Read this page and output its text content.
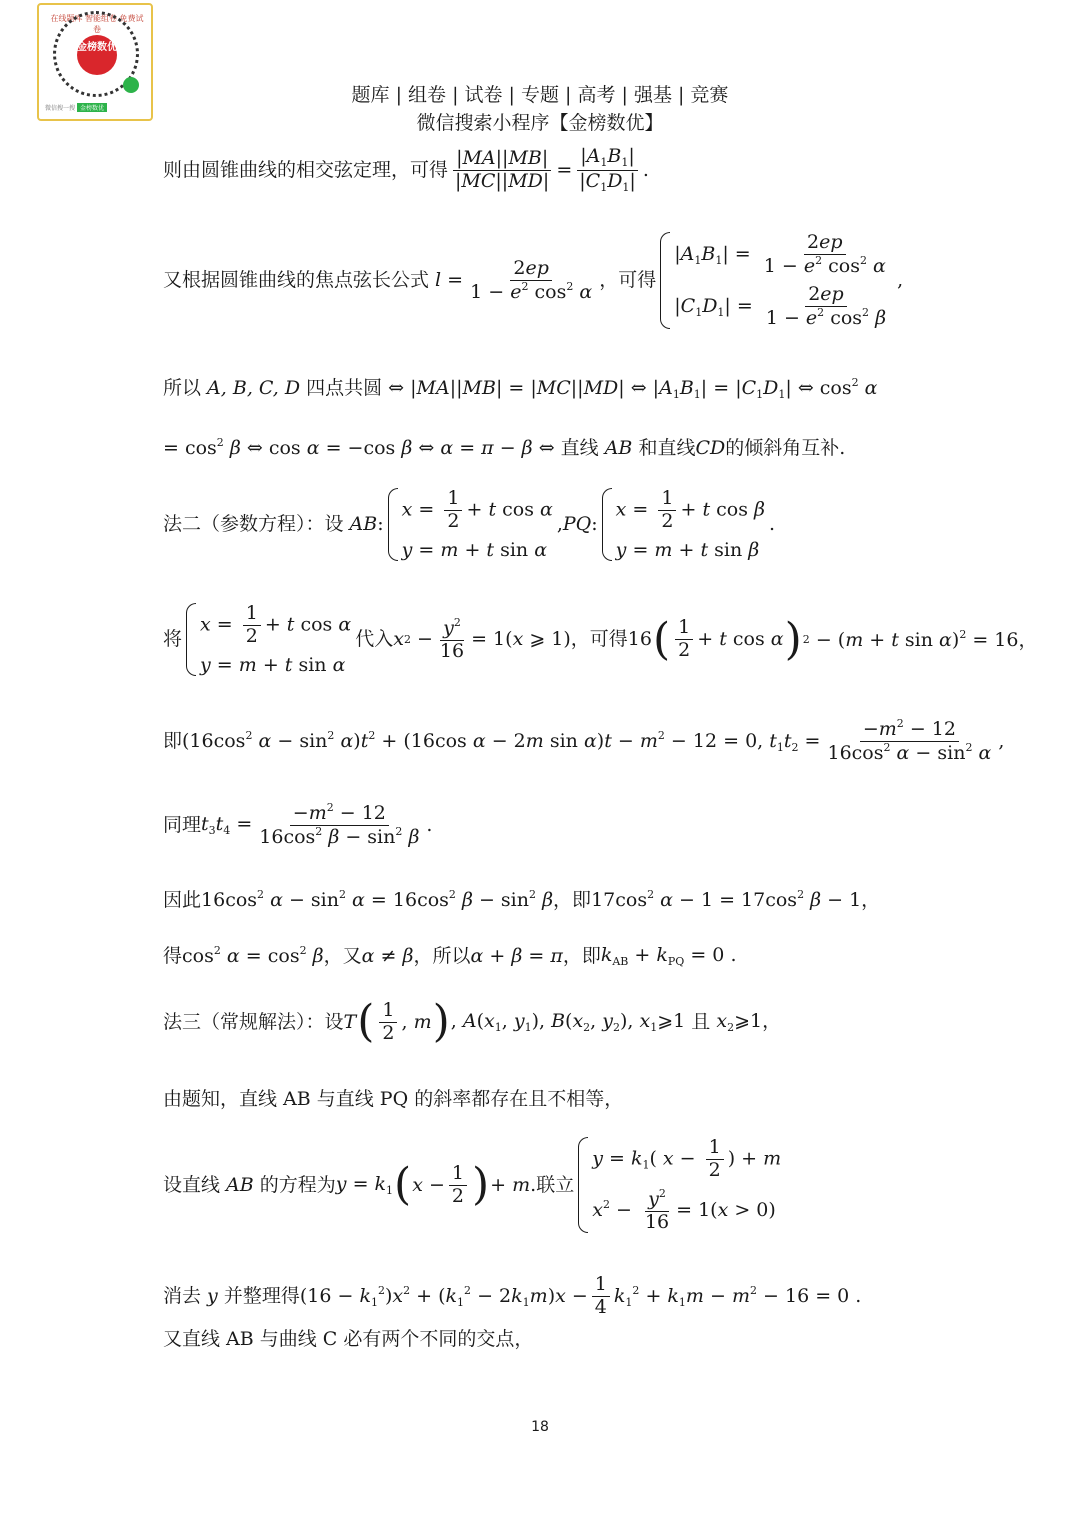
在线题库 智能组卷 免费试卷
金榜数优
微信搜一搜 金榜数优
题库 | 组卷 | 试卷 | 专题 | 高考 | 强基 | 竞赛
微信搜索小程序【金榜数优】
则由圆锥曲线的相交弦定理，可得 $\frac{|MA||MB|}{|MC||MD|} = \frac{|A_1B_1|}{|C_1D_1|}$ .
又根据圆锥曲线的焦点弦长公式 $l = \frac{2ep}{1 - e^2 \cos^2 \alpha}$ ，可得
$|A_1B_1| = \frac{2ep}{1 - e^2 \cos^2 \alpha}$
$|C_1D_1| = \frac{2ep}{1 - e^2 \cos^2 \beta}$
,
所以 A, B, C, D 四点共圆 ⇔ |MA||MB| = |MC||MD| ⇔ $|A_1B_1| = |C_1D_1|$ ⇔ $\cos^2 \alpha$
= $\cos^2 \beta$ ⇔ cos α = −cos β ⇔ α = π − β ⇔ 直线 AB 和直线 CD 的倾斜角互补.
法二（参数方程）：设 AB :
$x = \frac{1}{2} + t$ cos α
y = m + t sin α
, PQ :
$x = \frac{1}{2} + t$ cos β
y = m + t sin β
.
将
$x = \frac{1}{2} + t$ cos α
y = m + t sin α
代入 x $2 - \frac{y^2}{16} = 1(x$ ⩾ 1) ，可得 16 ( $\frac{1}{2} + t$ cos α ) 2 − (m + t sin α)$^2$ = 16，
即 ($16\cos^2$ $\alpha - \sin^2 \alpha)t^2 + (16\cos$ α − 2m $\sin \alpha)t - m^2 - 12 = 0$, $t_1t_2 = \frac{-m^2 - 12}{16\cos^2 \alpha - \sin^2 \alpha}$ ,
同理 $t_3t_4 = \frac{-m^2 - 12}{16\cos^2 \beta - \sin^2 \beta}$ .
因此 $16\cos^2$ $\alpha - \sin^2 \alpha = 16\cos^2$ $\beta - \sin^2 \beta$ ，即 $17\cos^2$ $\alpha - 1 = 17\cos^2$ β − 1，
得 $\cos^2 \alpha = \cos^2 \beta$ ，又 α ≠ β ，所以 α + β = π ，即 $k_{AB} + k_{PQ} = 0$ .
法三（常规解法）：设 T ( $\frac{1}{2}$ , m ) , $A(x_1$, $y_1$), $B(x_2$, $y_2$), $x_1⩾1$ 且 $x_2⩾1$，
由题知，直线 AB 与直线 PQ 的斜率都存在且不相等，
设直线 AB 的方程为 $y = k_1$ ( $x - \frac{1}{2}$ ) + m .联立
$y = k_1$( $x - \frac{1}{2}$ ) + m
$x^2 - \frac{y^2}{16} = 1(x > 0)$
消去 y 并整理得 $(16 - k_1^2)x^2 + (k_1^2 - 2k_1m)x - \frac{1}{4} k_1^2 + k_1m - m^2 - 16 = 0$ .
又直线 AB 与曲线 C 必有两个不同的交点，
18
